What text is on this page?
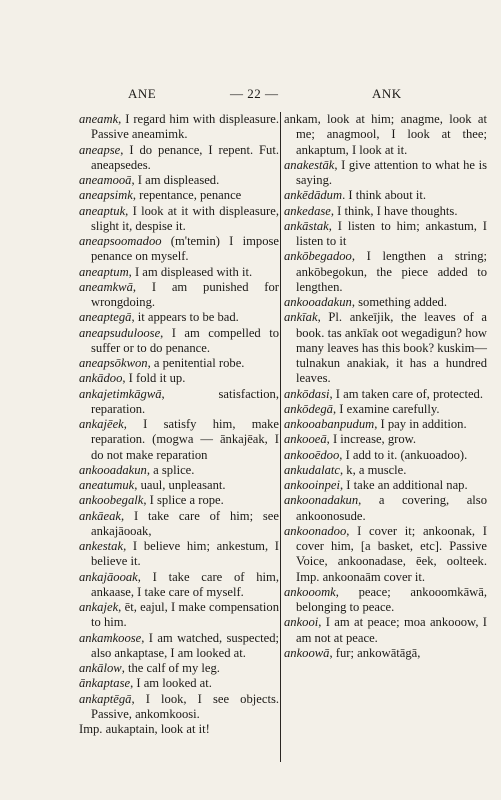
ANE	— 22 —	ANK

aneamk, I regard him with displeasure. Passive aneamimk.

aneapse, I do penance, I repent. Fut. aneapsedes.

aneamooā, I am displeased.

aneapsimk, repentance, penance

aneaptuk, I look at it with displeasure, slight it, despise it.

aneapsoomadoo (m'temin) I impose penance on myself.

aneaptum, I am displeased with it.

aneamkwā, I am punished for wrongdoing.

aneaptegā, it appears to be bad.

aneapsuduloose, I am compelled to suffer or to do penance.

aneapsōkwon, a penitential robe.

ankādoo, I fold it up.

ankajetimkāgwā, satisfaction, reparation.

ankajēek, I satisfy him, make reparation. (mogwa — ānkajēak, I do not make reparation

ankooadakun, a splice.

aneatumuk, uaul, unpleasant.

ankoobegalk, I splice a rope.

ankāeak, I take care of him; see ankajāooak,

ankestak, I believe him; ankestum, I believe it.

ankajāooak, I take care of him, ankaase, I take care of myself.

ankajek, ēt, eajul, I make compensation to him.

ankamkoose, I am watched, suspected; also ankaptase, I am looked at.

ankālow, the calf of my leg.

ānkaptase, I am looked at.

ankaptēgā, I look, I see objects. Passive, ankomkoosi.

Imp. aukaptain, look at it!

ankam, look at him; anagme, look at me; anagmool, I look at thee; ankaptum, I look at it.

anakestāk, I give attention to what he is saying.

ankēdādum. I think about it.

ankedase, I think, I have thoughts.

ankāstak, I listen to him; ankastum, I listen to it

ankōbegadoo, I lengthen a string; ankōbegokun, the piece added to lengthen.

ankooadakun, something added.

ankīak, Pl. ankeījik, the leaves of a book. tas ankīak oot wegadigun? how many leaves has this book? kuskim—tulnakun anakiak, it has a hundred leaves.

ankōdasi, I am taken care of, protected.

ankōdegā, I examine carefully.

ankooabanpudum, I pay in addition.

ankooeā, I increase, grow.

ankooēdoo, I add to it. (ankuoadoo).

ankudalatc, k, a muscle.

ankooinpei, I take an additional nap.

ankoonadakun, a covering, also ankoonosude.

ankoonadoo, I cover it; ankoonak, I cover him, [a basket, etc]. Passive Voice, ankoonadase, ēek, oolteek. Imp. ankoonaām cover it.

ankooomk, peace; ankooomkāwā, belonging to peace.

ankooi, I am at peace; moa ankooow, I am not at peace.

ankoowā, fur; ankowātāgā,
